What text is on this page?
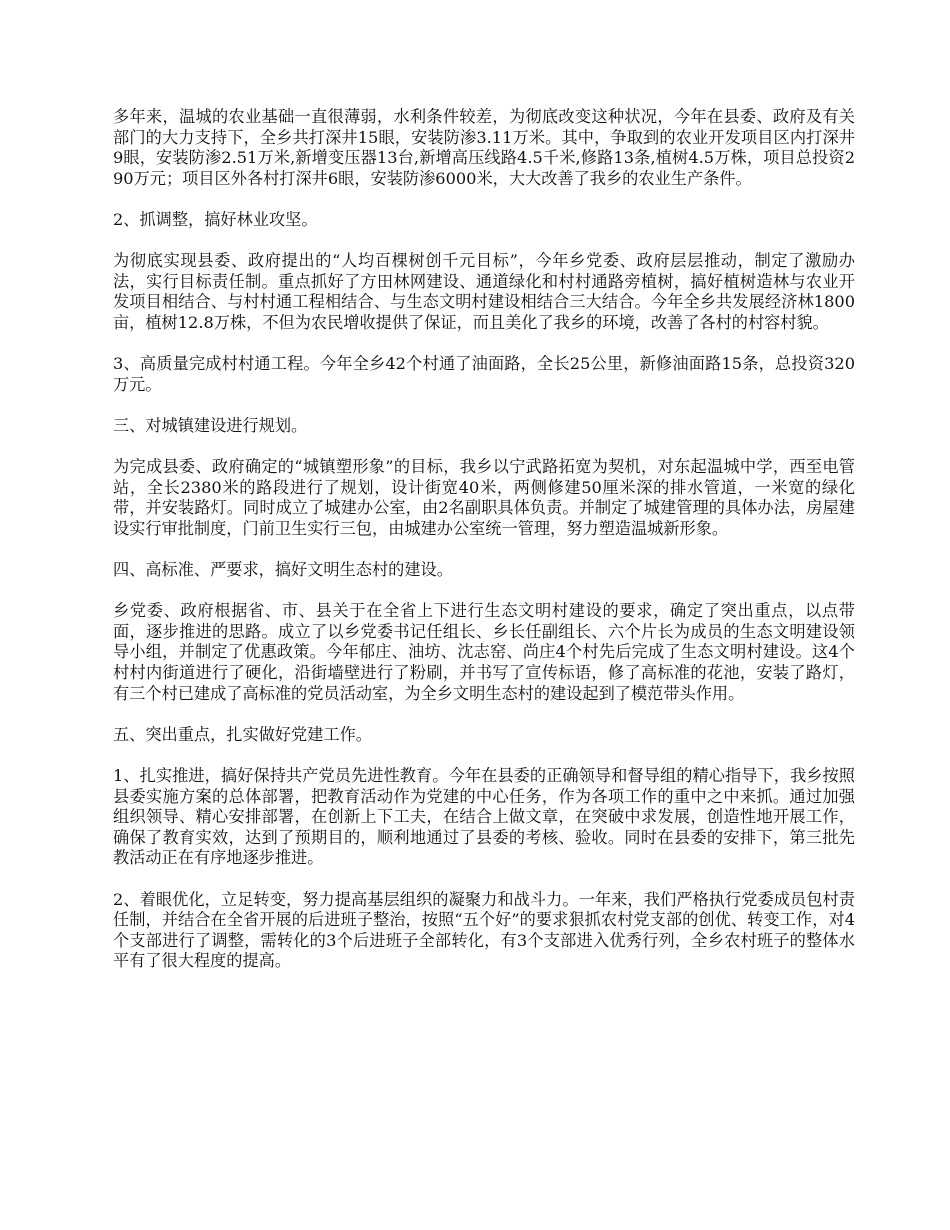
多年来，温城的农业基础一直很薄弱，水利条件较差，为彻底改变这种状况，今年在县委、政府及有关部门的大力支持下，全乡共打深井15眼，安装防渗3.11万米。其中，争取到的农业开发项目区内打深井9眼，安装防渗2.51万米,新增变压器13台,新增高压线路4.5千米,修路13条,植树4.5万株，项目总投资290万元；项目区外各村打深井6眼，安装防渗6000米，大大改善了我乡的农业生产条件。

2、抓调整，搞好林业攻坚。

为彻底实现县委、政府提出的“人均百棵树创千元目标”，今年乡党委、政府层层推动，制定了激励办法，实行目标责任制。重点抓好了方田林网建设、通道绿化和村村通路旁植树，搞好植树造林与农业开发项目相结合、与村村通工程相结合、与生态文明村建设相结合三大结合。今年全乡共发展经济林1800亩，植树12.8万株，不但为农民增收提供了保证，而且美化了我乡的环境，改善了各村的村容村貌。

3、高质量完成村村通工程。今年全乡42个村通了油面路，全长25公里，新修油面路15条，总投资320万元。

三、对城镇建设进行规划。

为完成县委、政府确定的“城镇塑形象”的目标，我乡以宁武路拓宽为契机，对东起温城中学，西至电管站，全长2380米的路段进行了规划，设计街宽40米，两侧修建50厘米深的排水管道，一米宽的绿化带，并安装路灯。同时成立了城建办公室，由2名副职具体负责。并制定了城建管理的具体办法，房屋建设实行审批制度，门前卫生实行三包，由城建办公室统一管理，努力塑造温城新形象。

四、高标准、严要求，搞好文明生态村的建设。

乡党委、政府根据省、市、县关于在全省上下进行生态文明村建设的要求，确定了突出重点，以点带面，逐步推进的思路。成立了以乡党委书记任组长、乡长任副组长、六个片长为成员的生态文明建设领导小组，并制定了优惠政策。今年郁庄、油坊、沈志窑、尚庄4个村先后完成了生态文明村建设。这4个村村内街道进行了硬化，沿街墙壁进行了粉刷，并书写了宣传标语，修了高标准的花池，安装了路灯，有三个村已建成了高标准的党员活动室，为全乡文明生态村的建设起到了模范带头作用。

五、突出重点，扎实做好党建工作。

1、扎实推进，搞好保持共产党员先进性教育。今年在县委的正确领导和督导组的精心指导下，我乡按照县委实施方案的总体部署，把教育活动作为党建的中心任务，作为各项工作的重中之中来抓。通过加强组织领导、精心安排部署，在创新上下工夫，在结合上做文章，在突破中求发展，创造性地开展工作，确保了教育实效，达到了预期目的，顺利地通过了县委的考核、验收。同时在县委的安排下，第三批先教活动正在有序地逐步推进。

2、着眼优化，立足转变，努力提高基层组织的凝聚力和战斗力。一年来，我们严格执行党委成员包村责任制，并结合在全省开展的后进班子整治，按照“五个好”的要求狠抓农村党支部的创优、转变工作，对4个支部进行了调整，需转化的3个后进班子全部转化，有3个支部进入优秀行列，全乡农村班子的整体水平有了很大程度的提高。
